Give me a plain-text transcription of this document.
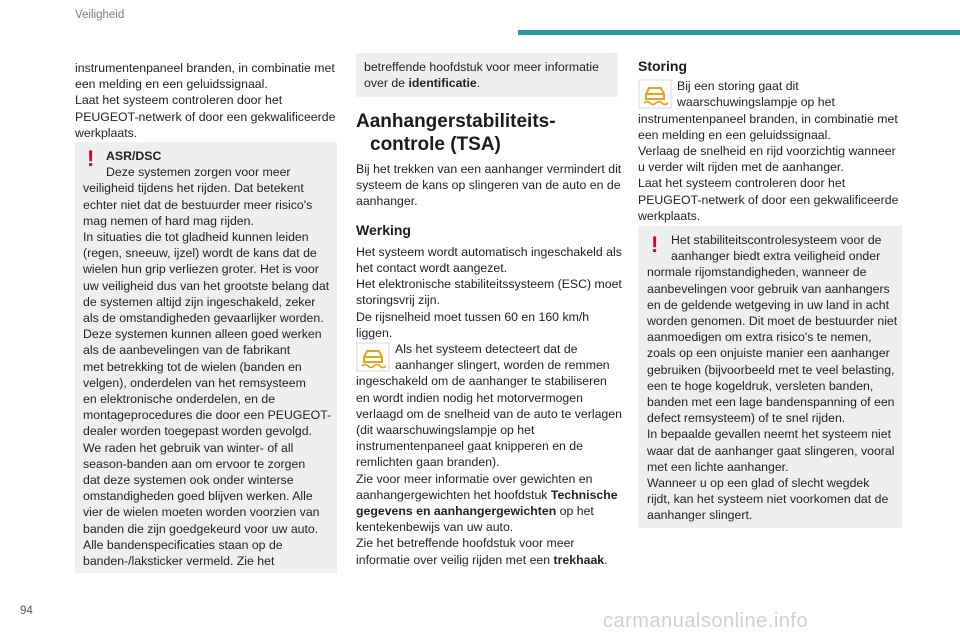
Veiligheid

instrumentenpaneel branden, in combinatie met

een melding en een geluidssignaal.

Laat het systeem controleren door het

PEUGEOT-netwerk of door een gekwalificeerde

werkplaats.

! ASR/DSC

Deze systemen zorgen voor meer

veiligheid tijdens het rijden. Dat betekent

echter niet dat de bestuurder meer risico's

mag nemen of hard mag rijden.

In situaties die tot gladheid kunnen leiden

(regen, sneeuw, ijzel) wordt de kans dat de

wielen hun grip verliezen groter. Het is voor

uw veiligheid dus van het grootste belang dat

de systemen altijd zijn ingeschakeld, zeker

als de omstandigheden gevaarlijker worden.

Deze systemen kunnen alleen goed werken

als de aanbevelingen van de fabrikant

met betrekking tot de wielen (banden en

velgen), onderdelen van het remsysteem

en elektronische onderdelen, en de

montageprocedures die door een PEUGEOT-

dealer worden toegepast worden gevolgd.

We raden het gebruik van winter- of all

season-banden aan om ervoor te zorgen

dat deze systemen ook onder winterse

omstandigheden goed blijven werken. Alle

vier de wielen moeten worden voorzien van

banden die zijn goedgekeurd voor uw auto.

Alle bandenspecificaties staan op de

banden-/laksticker vermeld. Zie het

betreffende hoofdstuk voor meer informatie

over de identificatie.

Aanhangerstabiliteits-

controle (TSA)

Bij het trekken van een aanhanger vermindert dit

systeem de kans op slingeren van de auto en de

aanhanger.

Werking

Het systeem wordt automatisch ingeschakeld als

het contact wordt aangezet.

Het elektronische stabiliteitssysteem (ESC) moet

storingsvrij zijn.

De rijsnelheid moet tussen 60 en 160 km/h

liggen.

Als het systeem detecteert dat de

aanhanger slingert, worden de remmen

ingeschakeld om de aanhanger te stabiliseren

en wordt indien nodig het motorvermogen

verlaagd om de snelheid van de auto te verlagen

(dit waarschuwingslampje op het

instrumentenpaneel gaat knipperen en de

remlichten gaan branden).

Zie voor meer informatie over gewichten en

aanhangergewichten het hoofdstuk Technische

gegevens en aanhangergewichten op het

kentekenbewijs van uw auto.

Zie het betreffende hoofdstuk voor meer

informatie over veilig rijden met een trekhaak.

Storing

Bij een storing gaat dit

waarschuwingslampje op het

instrumentenpaneel branden, in combinatie met

een melding en een geluidssignaal.

Verlaag de snelheid en rijd voorzichtig wanneer

u verder wilt rijden met de aanhanger.

Laat het systeem controleren door het

PEUGEOT-netwerk of door een gekwalificeerde

werkplaats.

!	Het stabiliteitscontrolesysteem voor de

aanhanger biedt extra veiligheid onder

normale rijomstandigheden, wanneer de

aanbevelingen voor gebruik van aanhangers

en de geldende wetgeving in uw land in acht

worden genomen. Dit moet de bestuurder niet

aanmoedigen om extra risico's te nemen,

zoals op een onjuiste manier een aanhanger

gebruiken (bijvoorbeeld met te veel belasting,

een te hoge kogeldruk, versleten banden,

banden met een lage bandenspanning of een

defect remsysteem) of te snel rijden.

In bepaalde gevallen neemt het systeem niet

waar dat de aanhanger gaat slingeren, vooral

met een lichte aanhanger.

Wanneer u op een glad of slecht wegdek

rijdt, kan het systeem niet voorkomen dat de

aanhanger slingert.

94	carmanualsonline.info
